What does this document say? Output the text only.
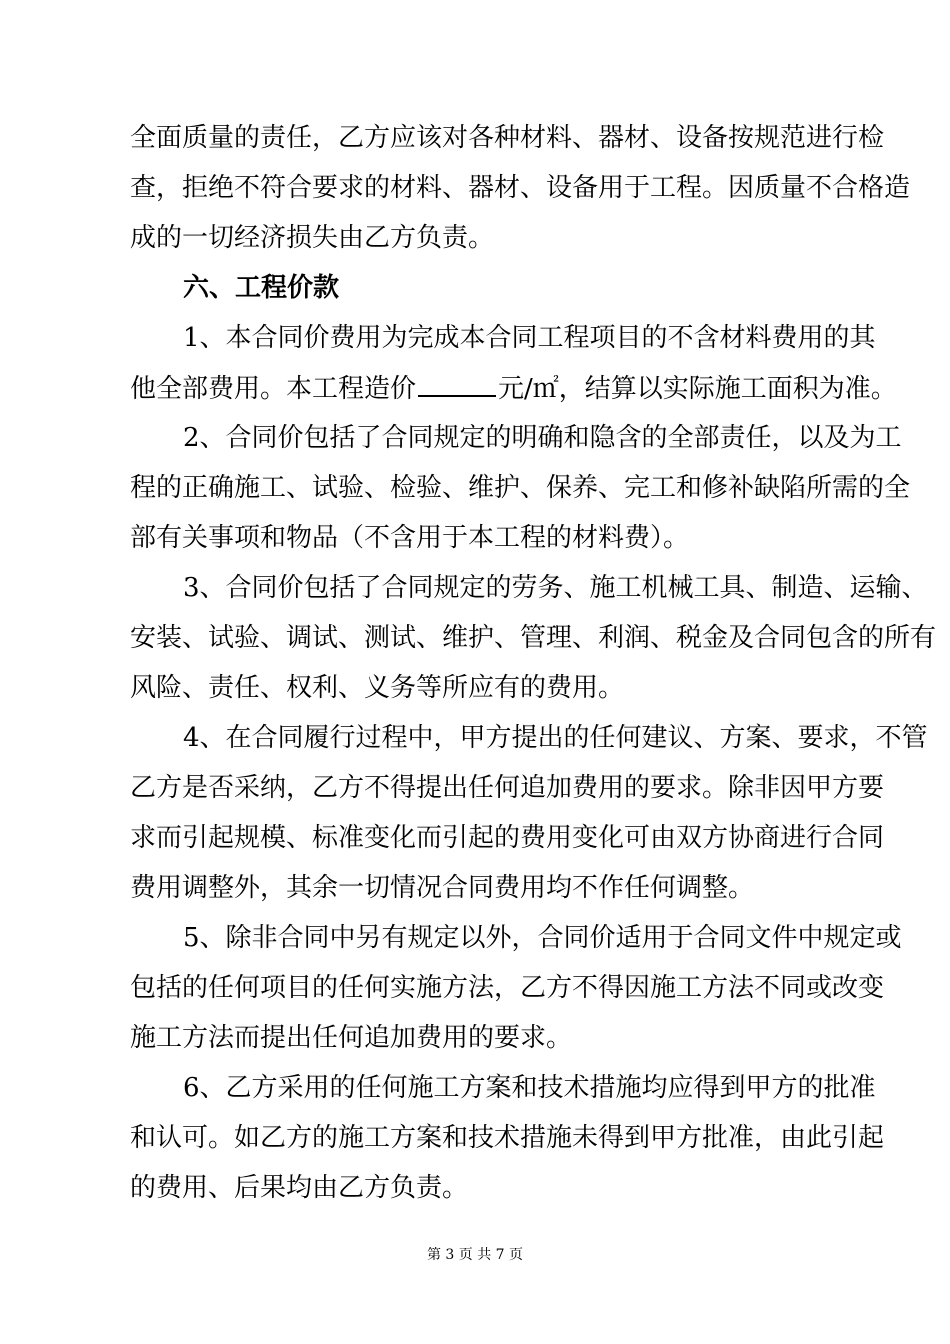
全面质量的责任，乙方应该对各种材料、器材、设备按规范进行检
查，拒绝不符合要求的材料、器材、设备用于工程。因质量不合格造
成的一切经济损失由乙方负责。
六、工程价款
1、本合同价费用为完成本合同工程项目的不含材料费用的其
他全部费用。本工程造价	元/㎡，结算以实际施工面积为准。
2、合同价包括了合同规定的明确和隐含的全部责任，以及为工
程的正确施工、试验、检验、维护、保养、完工和修补缺陷所需的全
部有关事项和物品（不含用于本工程的材料费）。
3、合同价包括了合同规定的劳务、施工机械工具、制造、运输、
安装、试验、调试、测试、维护、管理、利润、税金及合同包含的所有
风险、责任、权利、义务等所应有的费用。
4、在合同履行过程中，甲方提出的任何建议、方案、要求，不管
乙方是否采纳，乙方不得提出任何追加费用的要求。除非因甲方要
求而引起规模、标准变化而引起的费用变化可由双方协商进行合同
费用调整外，其余一切情况合同费用均不作任何调整。
5、除非合同中另有规定以外，合同价适用于合同文件中规定或
包括的任何项目的任何实施方法，乙方不得因施工方法不同或改变
施工方法而提出任何追加费用的要求。
6、乙方采用的任何施工方案和技术措施均应得到甲方的批准
和认可。如乙方的施工方案和技术措施未得到甲方批准，由此引起
的费用、后果均由乙方负责。
第 3 页 共 7 页
